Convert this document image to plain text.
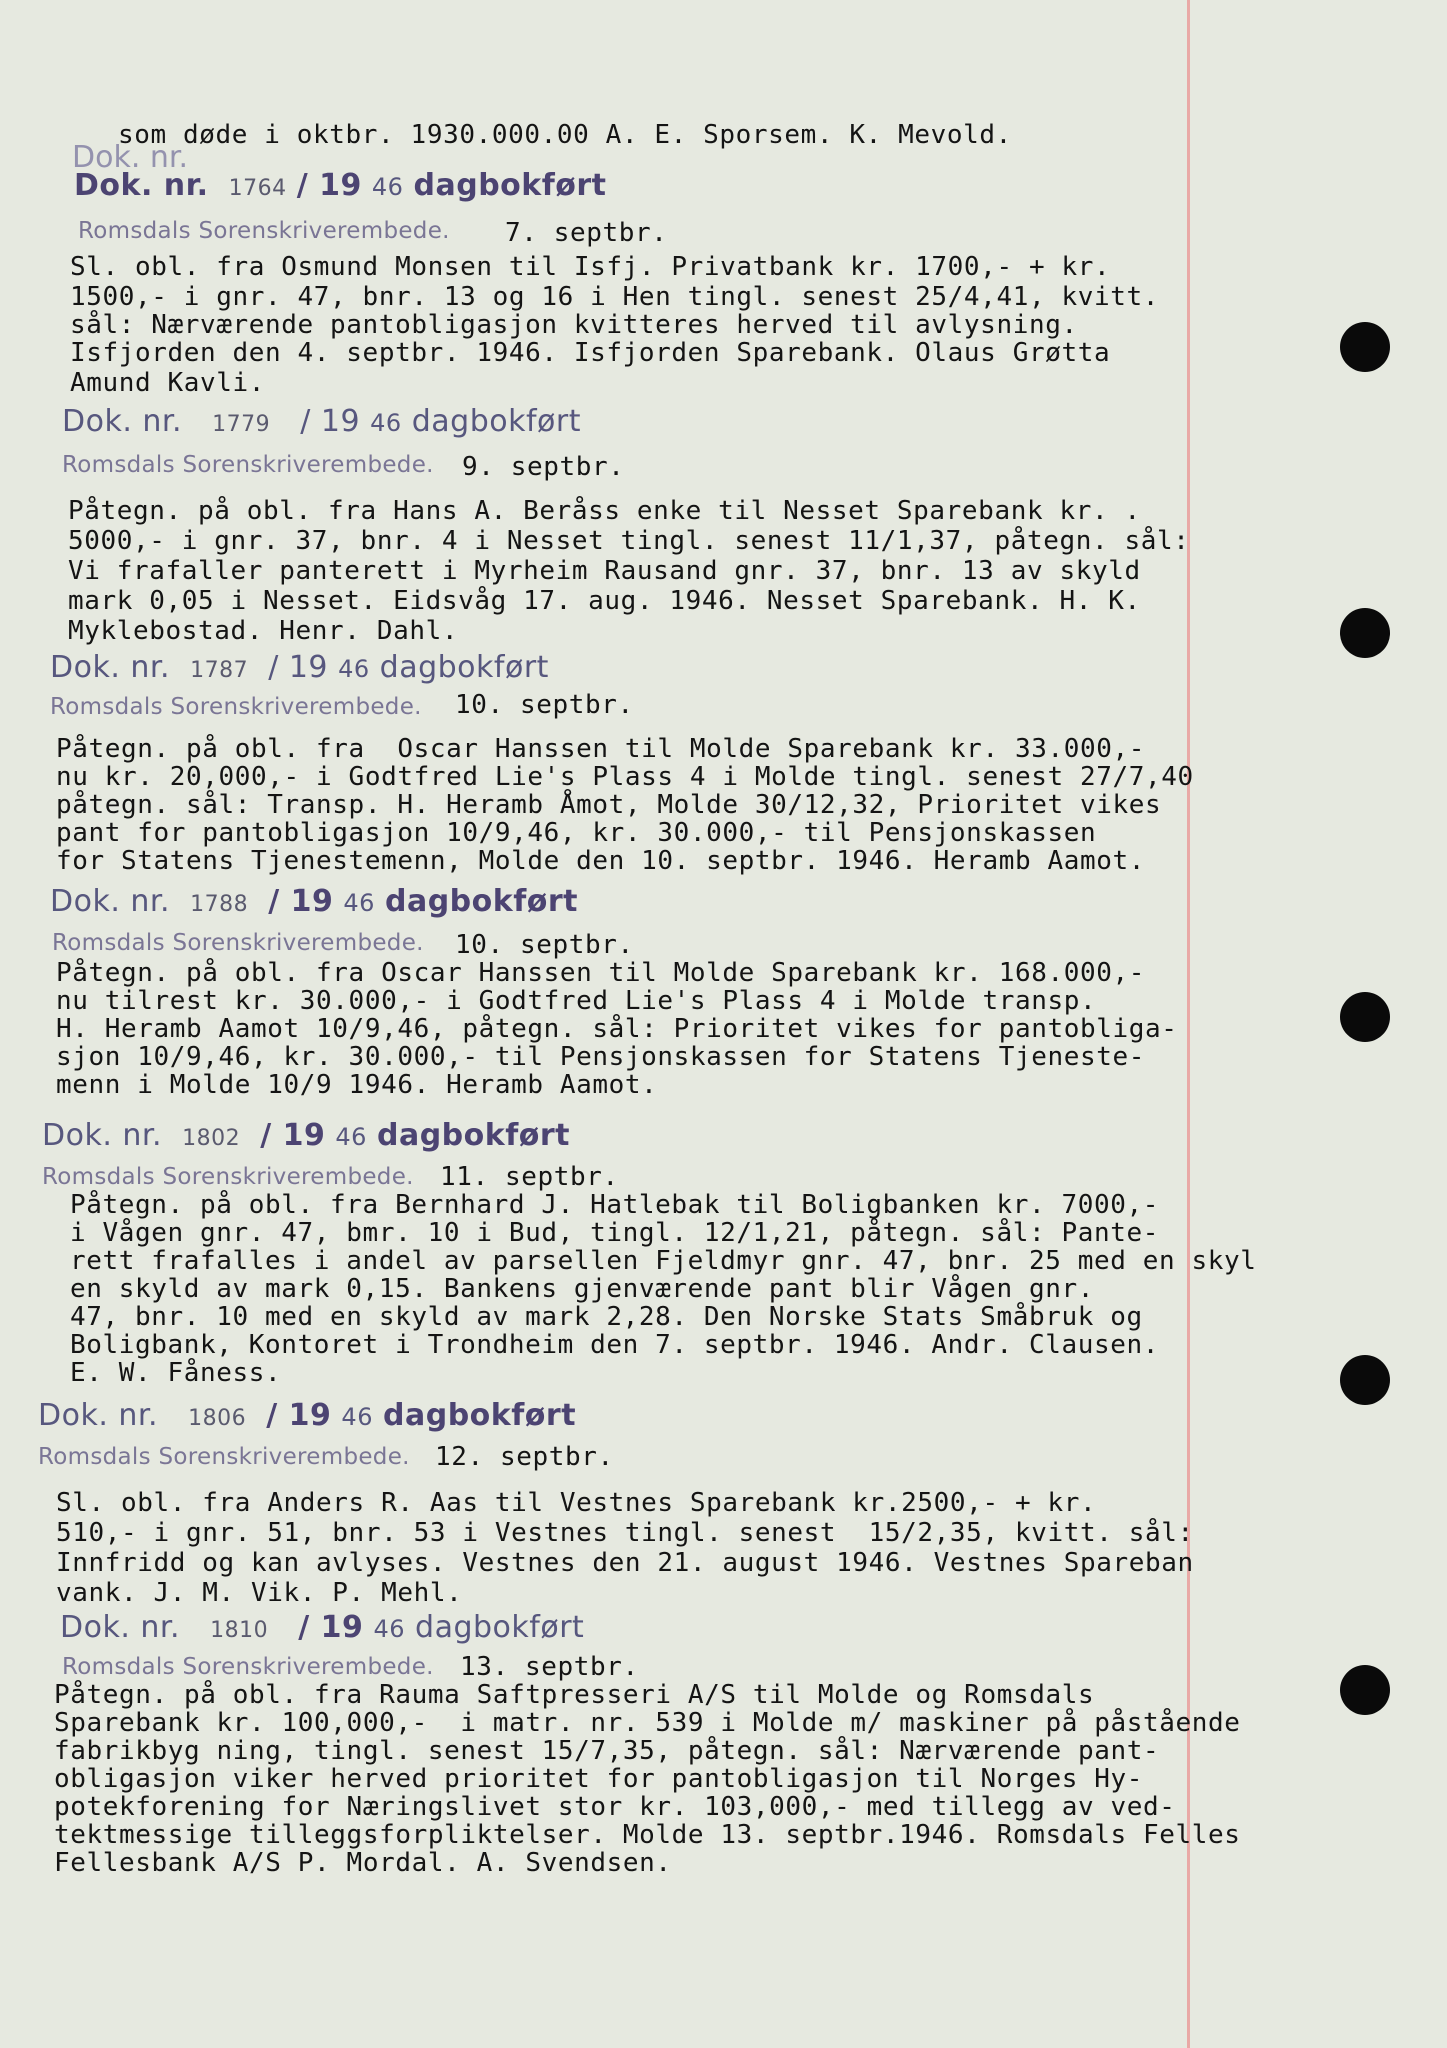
Dok. nr.
som døde i oktbr. 1930.000.00 A. E. Sporsem. K. Mevold.
Dok. nr. 1764 / 19 46 dagbokført
Romsdals Sorenskriverembede. 7. septbr.
Sl. obl. fra Osmund Monsen til Isfj. Privatbank kr. 1700,- + kr.
1500,- i gnr. 47, bnr. 13 og 16 i Hen tingl. senest 25/4,41, kvitt.
sål: Nærværende pantobligasjon kvitteres herved til avlysning.
Isfjorden den 4. septbr. 1946. Isfjorden Sparebank. Olaus Grøtta
Amund Kavli.
Dok. nr. 1779 / 19 46 dagbokført
Romsdals Sorenskriverembede. 9. septbr.
Påtegn. på obl. fra Hans A. Beråss enke til Nesset Sparebank kr. .
5000,- i gnr. 37, bnr. 4 i Nesset tingl. senest 11/1,37, påtegn. sål:
Vi frafaller panterett i Myrheim Rausand gnr. 37, bnr. 13 av skyld
mark 0,05 i Nesset. Eidsvåg 17. aug. 1946. Nesset Sparebank. H. K.
Myklebostad. Henr. Dahl.
Dok. nr. 1787 / 19 46 dagbokført
Romsdals Sorenskriverembede. 10. septbr.
Påtegn. på obl. fra  Oscar Hanssen til Molde Sparebank kr. 33.000,-
nu kr. 20,000,- i Godtfred Lie's Plass 4 i Molde tingl. senest 27/7,40
påtegn. sål: Transp. H. Heramb Åmot, Molde 30/12,32, Prioritet vikes
pant for pantobligasjon 10/9,46, kr. 30.000,- til Pensjonskassen
for Statens Tjenestemenn, Molde den 10. septbr. 1946. Heramb Aamot.
Dok. nr. 1788 / 19 46 dagbokført
Romsdals Sorenskriverembede. 10. septbr.
Påtegn. på obl. fra Oscar Hanssen til Molde Sparebank kr. 168.000,-
nu tilrest kr. 30.000,- i Godtfred Lie's Plass 4 i Molde transp.
H. Heramb Aamot 10/9,46, påtegn. sål: Prioritet vikes for pantobliga-
sjon 10/9,46, kr. 30.000,- til Pensjonskassen for Statens Tjeneste-
menn i Molde 10/9 1946. Heramb Aamot.
Dok. nr. 1802 / 19 46 dagbokført
Romsdals Sorenskriverembede. 11. septbr.
Påtegn. på obl. fra Bernhard J. Hatlebak til Boligbanken kr. 7000,-
i Vågen gnr. 47, bmr. 10 i Bud, tingl. 12/1,21, påtegn. sål: Pante-
rett frafalles i andel av parsellen Fjeldmyr gnr. 47, bnr. 25 med en skyl
en skyld av mark 0,15. Bankens gjenværende pant blir Vågen gnr.
47, bnr. 10 med en skyld av mark 2,28. Den Norske Stats Småbruk og
Boligbank, Kontoret i Trondheim den 7. septbr. 1946. Andr. Clausen.
E. W. Fåness.
Dok. nr. 1806 / 19 46 dagbokført
Romsdals Sorenskriverembede. 12. septbr.
Sl. obl. fra Anders R. Aas til Vestnes Sparebank kr.2500,- + kr.
510,- i gnr. 51, bnr. 53 i Vestnes tingl. senest  15/2,35, kvitt. sål:
Innfridd og kan avlyses. Vestnes den 21. august 1946. Vestnes Spareban
vank. J. M. Vik. P. Mehl.
Dok. nr. 1810 / 19 46 dagbokført
Romsdals Sorenskriverembede. 13. septbr.
Påtegn. på obl. fra Rauma Saftpresseri A/S til Molde og Romsdals
Sparebank kr. 100,000,-  i matr. nr. 539 i Molde m/ maskiner på påstående
fabrikbyg ning, tingl. senest 15/7,35, påtegn. sål: Nærværende pant-
obligasjon viker herved prioritet for pantobligasjon til Norges Hy-
potekforening for Næringslivet stor kr. 103,000,- med tillegg av ved-
tektmessige tilleggsforpliktelser. Molde 13. septbr.1946. Romsdals Felles
Fellesbank A/S P. Mordal. A. Svendsen.
